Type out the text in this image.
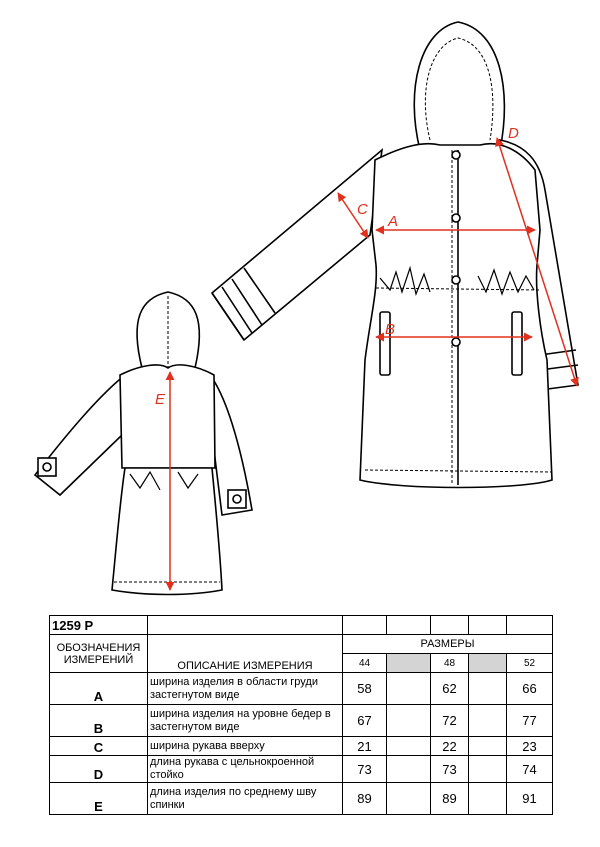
A
B
C
D
E
1259 P						
ОБОЗНАЧЕНИЯ ИЗМЕРЕНИЙ	ОПИСАНИЕ ИЗМЕРЕНИЯ	РАЗМЕРЫ				
		44		48		52
A	ширина изделия в области груди застегнутом виде	58		62		66
B	ширина изделия на уровне бедер в застегнутом виде	67		72		77
C	ширина рукава вверху	21		22		23
D	длина рукава с цельнокроенной стойко	73		73		74
E	длина изделия по среднему шву спинки	89		89		91
